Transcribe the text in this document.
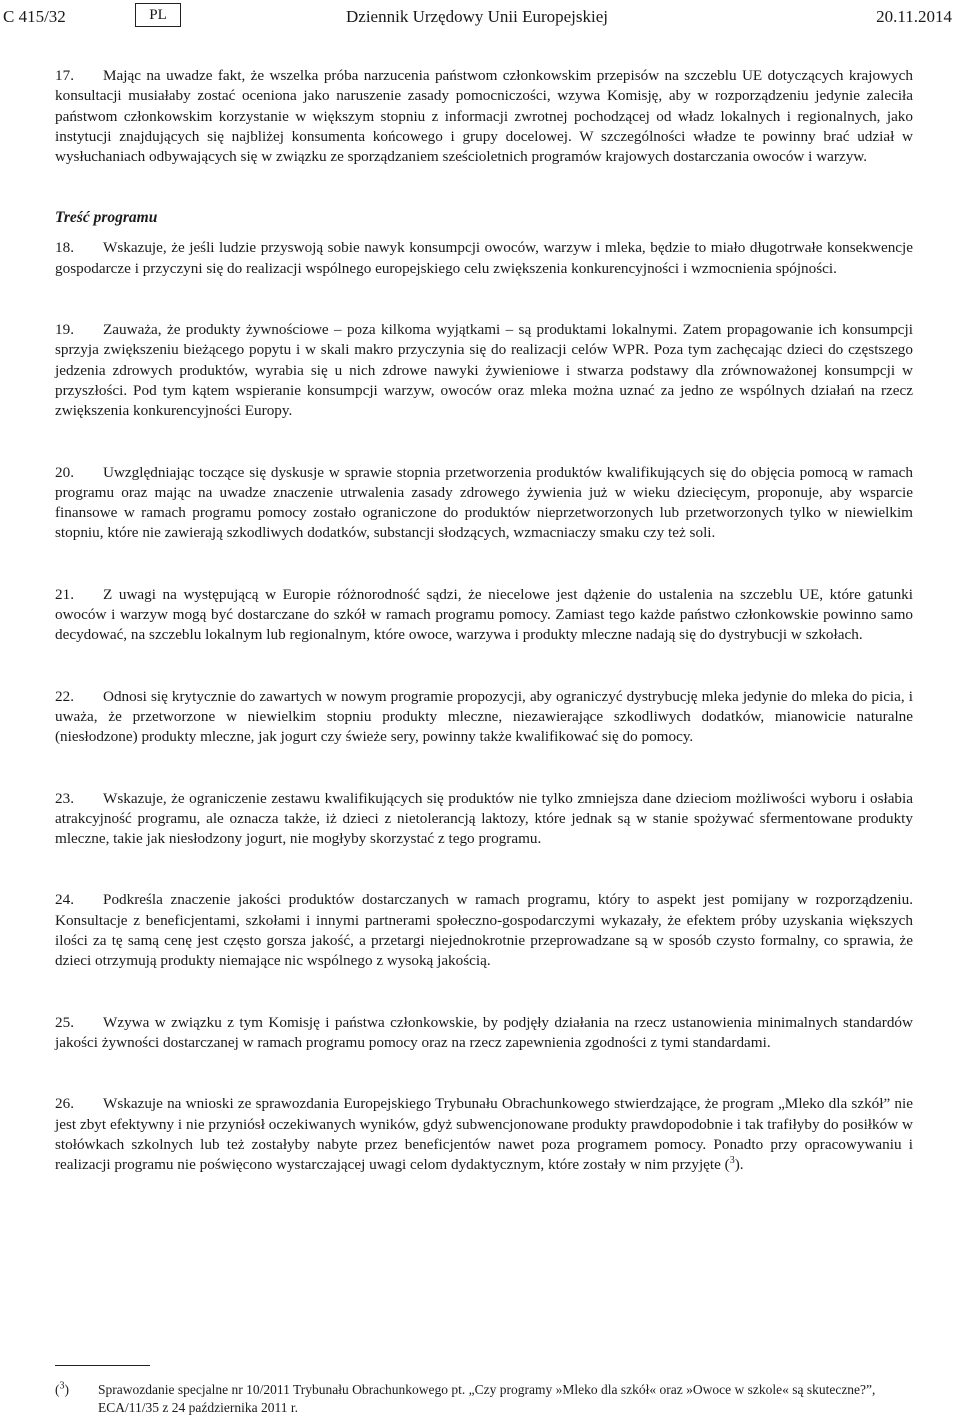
C 415/32	PL	Dziennik Urzędowy Unii Europejskiej	20.11.2014

17. Mając na uwadze fakt, że wszelka próba narzucenia państwom członkowskim przepisów na szczeblu UE dotyczących krajowych konsultacji musiałaby zostać oceniona jako naruszenie zasady pomocniczości, wzywa Komisję, aby w rozporządzeniu jedynie zaleciła państwom członkowskim korzystanie w większym stopniu z informacji zwrotnej pochodzącej od władz lokalnych i regionalnych, jako instytucji znajdujących się najbliżej konsumenta końcowego i grupy docelowej. W szczególności władze te powinny brać udział w wysłuchaniach odbywających się w związku ze sporządzaniem sześcioletnich programów krajowych dostarczania owoców i warzyw.

Treść programu

18. Wskazuje, że jeśli ludzie przyswoją sobie nawyk konsumpcji owoców, warzyw i mleka, będzie to miało długotrwałe konsekwencje gospodarcze i przyczyni się do realizacji wspólnego europejskiego celu zwiększenia konkurencyjności i wzmocnienia spójności.

19. Zauważa, że produkty żywnościowe – poza kilkoma wyjątkami – są produktami lokalnymi. Zatem propagowanie ich konsumpcji sprzyja zwiększeniu bieżącego popytu i w skali makro przyczynia się do realizacji celów WPR. Poza tym zachęcając dzieci do częstszego jedzenia zdrowych produktów, wyrabia się u nich zdrowe nawyki żywieniowe i stwarza podstawy dla zrównoważonej konsumpcji w przyszłości. Pod tym kątem wspieranie konsumpcji warzyw, owoców oraz mleka można uznać za jedno ze wspólnych działań na rzecz zwiększenia konkurencyjności Europy.

20. Uwzględniając toczące się dyskusje w sprawie stopnia przetworzenia produktów kwalifikujących się do objęcia pomocą w ramach programu oraz mając na uwadze znaczenie utrwalenia zasady zdrowego żywienia już w wieku dziecięcym, proponuje, aby wsparcie finansowe w ramach programu pomocy zostało ograniczone do produktów nieprzetworzonych lub przetworzonych tylko w niewielkim stopniu, które nie zawierają szkodliwych dodatków, substancji słodzących, wzmacniaczy smaku czy też soli.

21. Z uwagi na występującą w Europie różnorodność sądzi, że niecelowe jest dążenie do ustalenia na szczeblu UE, które gatunki owoców i warzyw mogą być dostarczane do szkół w ramach programu pomocy. Zamiast tego każde państwo członkowskie powinno samo decydować, na szczeblu lokalnym lub regionalnym, które owoce, warzywa i produkty mleczne nadają się do dystrybucji w szkołach.

22. Odnosi się krytycznie do zawartych w nowym programie propozycji, aby ograniczyć dystrybucję mleka jedynie do mleka do picia, i uważa, że przetworzone w niewielkim stopniu produkty mleczne, niezawierające szkodliwych dodatków, mianowicie naturalne (niesłodzone) produkty mleczne, jak jogurt czy świeże sery, powinny także kwalifikować się do pomocy.

23. Wskazuje, że ograniczenie zestawu kwalifikujących się produktów nie tylko zmniejsza dane dzieciom możliwości wyboru i osłabia atrakcyjność programu, ale oznacza także, iż dzieci z nietolerancją laktozy, które jednak są w stanie spożywać sfermentowane produkty mleczne, takie jak niesłodzony jogurt, nie mogłyby skorzystać z tego programu.

24. Podkreśla znaczenie jakości produktów dostarczanych w ramach programu, który to aspekt jest pomijany w rozporządzeniu. Konsultacje z beneficjentami, szkołami i innymi partnerami społeczno-gospodarczymi wykazały, że efektem próby uzyskania większych ilości za tę samą cenę jest często gorsza jakość, a przetargi niejednokrotnie przeprowadzane są w sposób czysto formalny, co sprawia, że dzieci otrzymują produkty niemające nic wspólnego z wysoką jakością.

25. Wzywa w związku z tym Komisję i państwa członkowskie, by podjęły działania na rzecz ustanowienia minimalnych standardów jakości żywności dostarczanej w ramach programu pomocy oraz na rzecz zapewnienia zgodności z tymi standardami.

26. Wskazuje na wnioski ze sprawozdania Europejskiego Trybunału Obrachunkowego stwierdzające, że program „Mleko dla szkół” nie jest zbyt efektywny i nie przyniósł oczekiwanych wyników, gdyż subwencjonowane produkty prawdopodobnie i tak trafiłyby do posiłków w stołówkach szkolnych lub też zostałyby nabyte przez beneficjentów nawet poza programem pomocy. Ponadto przy opracowywaniu i realizacji programu nie poświęcono wystarczającej uwagi celom dydaktycznym, które zostały w nim przyjęte ($^3$).

($^3$) Sprawozdanie specjalne nr 10/2011 Trybunału Obrachunkowego pt. „Czy programy »Mleko dla szkół« oraz »Owoce w szkole« są skuteczne?”, ECA/11/35 z 24 października 2011 r.
